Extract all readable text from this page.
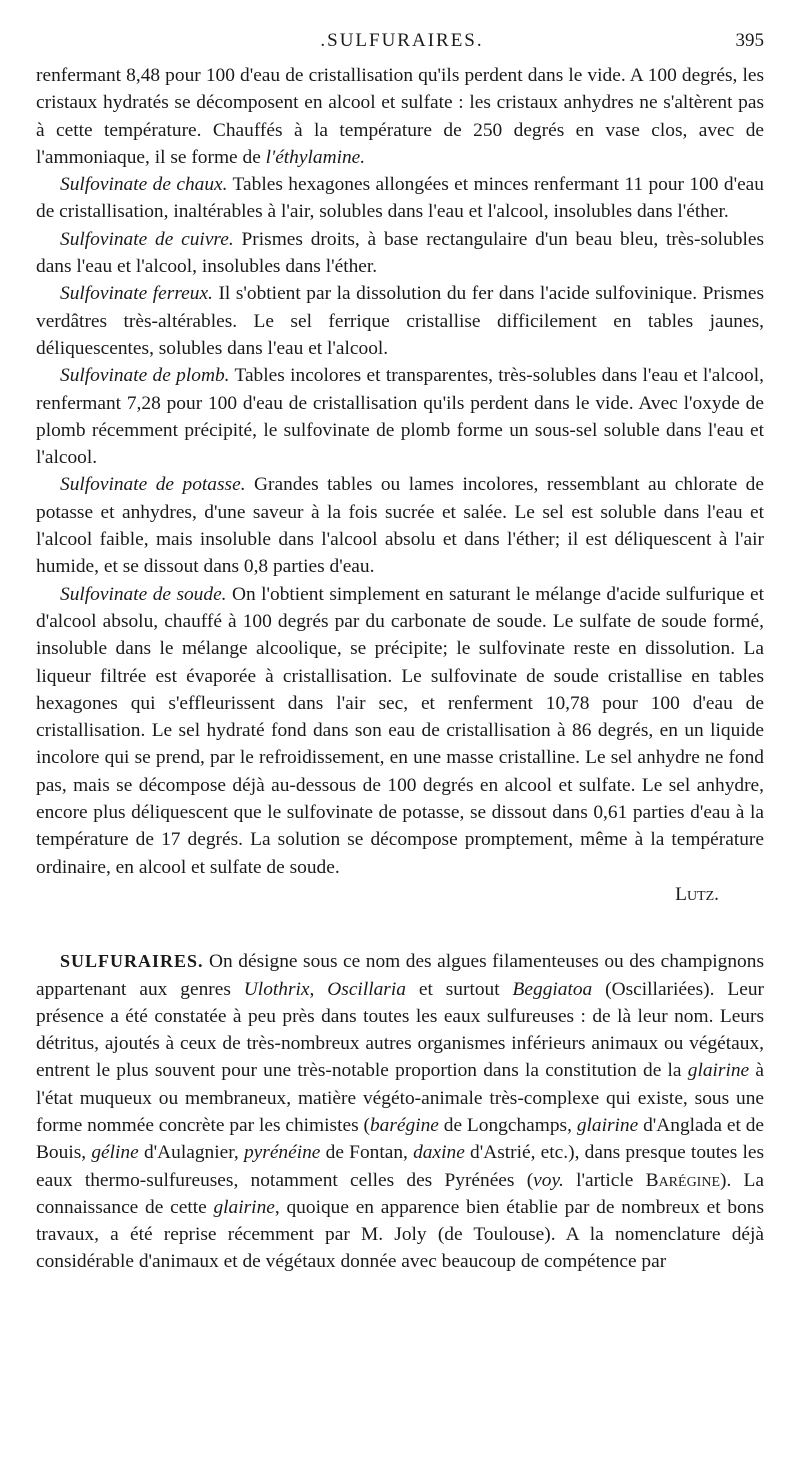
.SULFURAIRES.	395

renfermant 8,48 pour 100 d'eau de cristallisation qu'ils perdent dans le vide. A 100 degrés, les cristaux hydratés se décomposent en alcool et sulfate : les cristaux anhydres ne s'altèrent pas à cette température. Chauffés à la température de 250 degrés en vase clos, avec de l'ammoniaque, il se forme de l'éthylamine.

Sulfovinate de chaux. Tables hexagones allongées et minces renfermant 11 pour 100 d'eau de cristallisation, inaltérables à l'air, solubles dans l'eau et l'alcool, insolubles dans l'éther.

Sulfovinate de cuivre. Prismes droits, à base rectangulaire d'un beau bleu, très-solubles dans l'eau et l'alcool, insolubles dans l'éther.

Sulfovinate ferreux. Il s'obtient par la dissolution du fer dans l'acide sulfovinique. Prismes verdâtres très-altérables. Le sel ferrique cristallise difficilement en tables jaunes, déliquescentes, solubles dans l'eau et l'alcool.

Sulfovinate de plomb. Tables incolores et transparentes, très-solubles dans l'eau et l'alcool, renfermant 7,28 pour 100 d'eau de cristallisation qu'ils perdent dans le vide. Avec l'oxyde de plomb récemment précipité, le sulfovinate de plomb forme un sous-sel soluble dans l'eau et l'alcool.

Sulfovinate de potasse. Grandes tables ou lames incolores, ressemblant au chlorate de potasse et anhydres, d'une saveur à la fois sucrée et salée. Le sel est soluble dans l'eau et l'alcool faible, mais insoluble dans l'alcool absolu et dans l'éther; il est déliquescent à l'air humide, et se dissout dans 0,8 parties d'eau.

Sulfovinate de soude. On l'obtient simplement en saturant le mélange d'acide sulfurique et d'alcool absolu, chauffé à 100 degrés par du carbonate de soude. Le sulfate de soude formé, insoluble dans le mélange alcoolique, se précipite; le sulfovinate reste en dissolution. La liqueur filtrée est évaporée à cristallisation. Le sulfovinate de soude cristallise en tables hexagones qui s'effleurissent dans l'air sec, et renferment 10,78 pour 100 d'eau de cristallisation. Le sel hydraté fond dans son eau de cristallisation à 86 degrés, en un liquide incolore qui se prend, par le refroidissement, en une masse cristalline. Le sel anhydre ne fond pas, mais se décompose déjà au-dessous de 100 degrés en alcool et sulfate. Le sel anhydre, encore plus déliquescent que le sulfovinate de potasse, se dissout dans 0,61 parties d'eau à la température de 17 degrés. La solution se décompose promptement, même à la température ordinaire, en alcool et sulfate de soude.

Lutz.

SULFURAIRES. On désigne sous ce nom des algues filamenteuses ou des champignons appartenant aux genres Ulothrix, Oscillaria et surtout Beggiatoa (Oscillariées). Leur présence a été constatée à peu près dans toutes les eaux sulfureuses : de là leur nom. Leurs détritus, ajoutés à ceux de très-nombreux autres organismes inférieurs animaux ou végétaux, entrent le plus souvent pour une très-notable proportion dans la constitution de la glairine à l'état muqueux ou membraneux, matière végéto-animale très-complexe qui existe, sous une forme nommée concrète par les chimistes (barégine de Longchamps, glairine d'Anglada et de Bouis, géline d'Aulagnier, pyrénéine de Fontan, daxine d'Astrié, etc.), dans presque toutes les eaux thermo-sulfureuses, notamment celles des Pyrénées (voy. l'article Barégine). La connaissance de cette glairine, quoique en apparence bien établie par de nombreux et bons travaux, a été reprise récemment par M. Joly (de Toulouse). A la nomenclature déjà considérable d'animaux et de végétaux donnée avec beaucoup de compétence par
